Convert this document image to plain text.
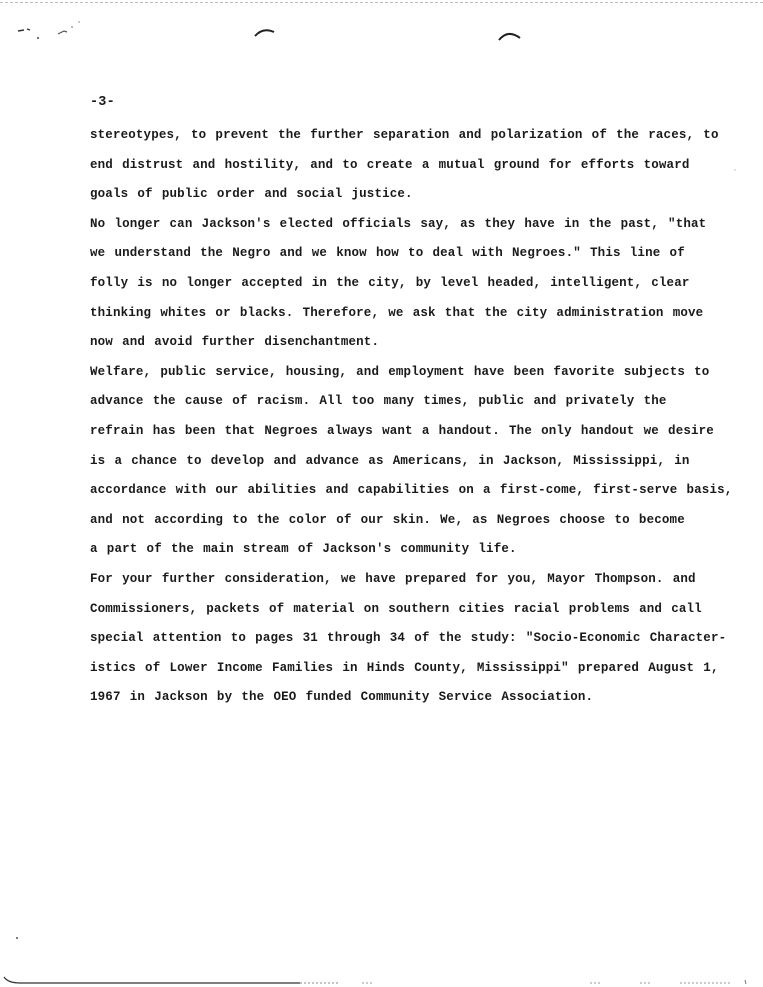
-3-
stereotypes, to prevent the further separation and polarization of the races, to
end distrust and hostility, and to create a mutual ground for efforts toward
goals of public order and social justice.
No longer can Jackson's elected officials say, as they have in the past, "that
we understand the Negro and we know how to deal with Negroes." This line of
folly is no longer accepted in the city, by level headed, intelligent, clear
thinking whites or blacks. Therefore, we ask that the city administration move
now and avoid further disenchantment.
Welfare, public service, housing, and employment have been favorite subjects to
advance the cause of racism. All too many times, public and privately the
refrain has been that Negroes always want a handout. The only handout we desire
is a chance to develop and advance as Americans, in Jackson, Mississippi, in
accordance with our abilities and capabilities on a first-come, first-serve basis,
and not according to the color of our skin. We, as Negroes choose to become
a part of the main stream of Jackson's community life.
For your further consideration, we have prepared for you, Mayor Thompson. and
Commissioners, packets of material on southern cities racial problems and call
special attention to pages 31 through 34 of the study: "Socio-Economic Character-
istics of Lower Income Families in Hinds County, Mississippi" prepared August 1,
1967 in Jackson by the OEO funded Community Service Association.
